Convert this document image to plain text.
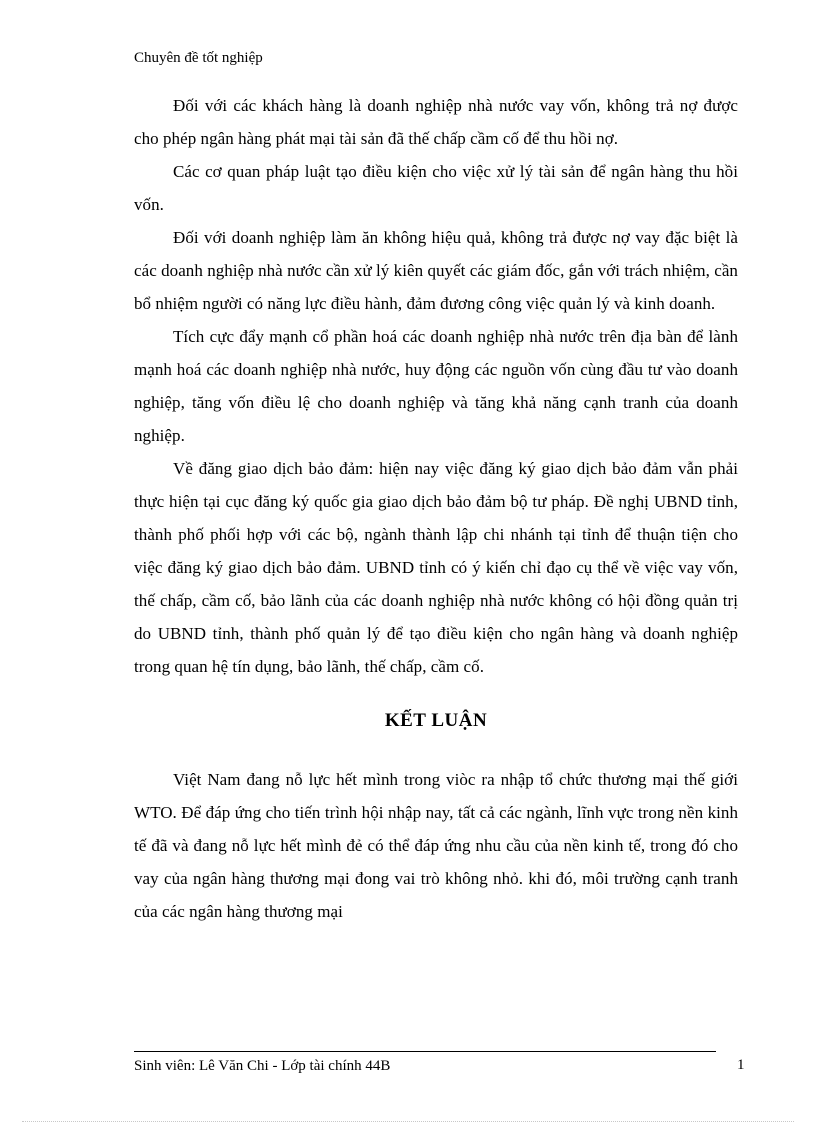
Chuyên đề tốt nghiệp

Đối với các khách hàng là doanh nghiệp nhà nước vay vốn, không trả nợ được cho phép ngân hàng phát mại tài sản đã thế chấp cầm cố để thu hồi nợ.

Các cơ quan pháp luật tạo điều kiện cho việc xử lý tài sản để ngân hàng thu hồi vốn.

Đối với doanh nghiệp làm ăn không hiệu quả, không trả được nợ vay đặc biệt là các doanh nghiệp nhà nước cần xử lý kiên quyết các giám đốc, gắn với trách nhiệm, cần bổ nhiệm người có năng lực điều hành, đảm đương công việc quản lý và kinh doanh.

Tích cực đẩy mạnh cổ phần hoá các doanh nghiệp nhà nước trên địa bàn để lành mạnh hoá các doanh nghiệp nhà nước, huy động các nguồn vốn cùng đầu tư vào doanh nghiệp, tăng vốn điều lệ cho doanh nghiệp và tăng khả năng cạnh tranh của doanh nghiệp.

Về đăng giao dịch bảo đảm: hiện nay việc đăng ký giao dịch bảo đảm vẫn phải thực hiện tại cục đăng ký quốc gia giao dịch bảo đảm bộ tư pháp. Đề nghị UBND tỉnh, thành phố phối hợp với các bộ, ngành thành lập chi nhánh tại tỉnh để thuận tiện cho việc đăng ký giao dịch bảo đảm. UBND tỉnh có ý kiến chỉ đạo cụ thể về việc vay vốn, thế chấp, cầm cố, bảo lãnh của các doanh nghiệp nhà nước không có hội đồng quản trị do UBND tỉnh, thành phố quản lý để tạo điều kiện cho ngân hàng và doanh nghiệp trong quan hệ tín dụng, bảo lãnh, thế chấp, cầm cố.

KẾT LUẬN

Việt Nam đang nỗ lực hết mình trong viòc ra nhập tổ chức thương mại thế giới WTO. Để đáp ứng cho tiến trình hội nhập nay, tất cả các ngành, lĩnh vực trong nền kinh tế đã và đang nỗ lực hết mình đẻ có thể đáp ứng nhu cầu của nền kinh tế, trong đó cho vay của ngân hàng thương mại đong vai trò không nhỏ. khi đó, môi trường cạnh tranh của các ngân hàng thương mại

Sinh viên: Lê Văn Chi - Lớp tài chính 44B	1
